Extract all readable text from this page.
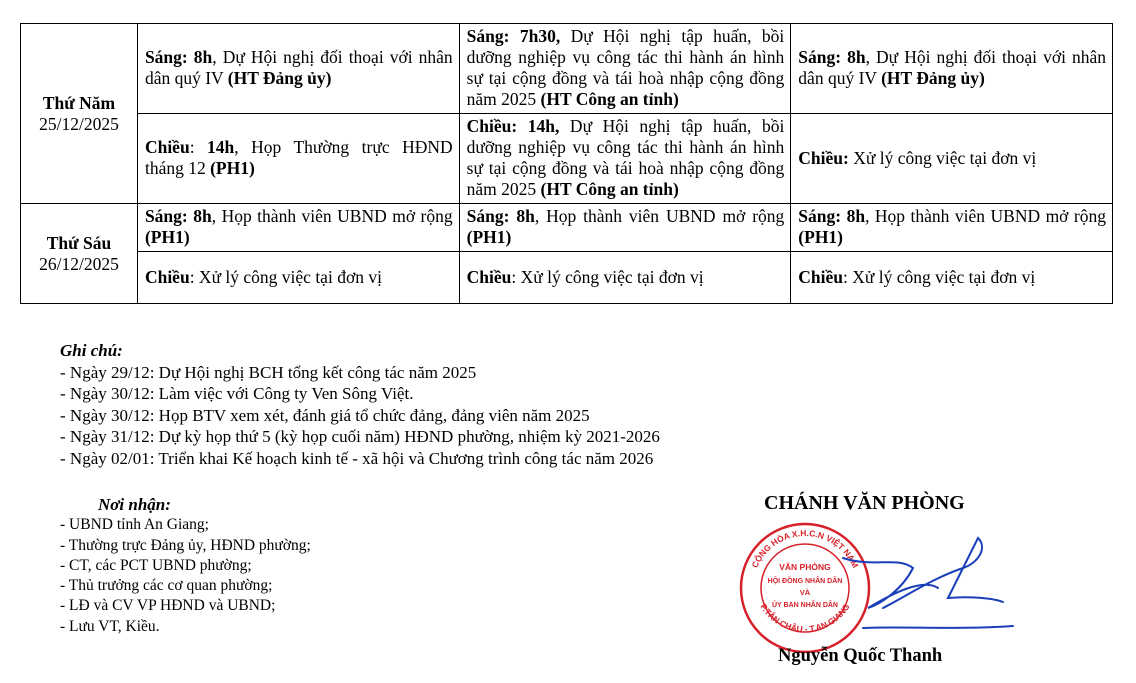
Thứ Năm
25/12/2025	Sáng: 8h, Dự Hội nghị đối thoại với nhân dân quý IV (HT Đảng ủy)	Sáng: 7h30, Dự Hội nghị tập huấn, bồi dưỡng nghiệp vụ công tác thi hành án hình sự tại cộng đồng và tái hoà nhập cộng đồng năm 2025 (HT Công an tỉnh)	Sáng: 8h, Dự Hội nghị đối thoại với nhân dân quý IV (HT Đảng ủy)
	Chiều: 14h, Họp Thường trực HĐND tháng 12 (PH1)	Chiều: 14h, Dự Hội nghị tập huấn, bồi dưỡng nghiệp vụ công tác thi hành án hình sự tại cộng đồng và tái hoà nhập cộng đồng năm 2025 (HT Công an tỉnh)	Chiều: Xử lý công việc tại đơn vị

Thứ Sáu
26/12/2025	Sáng: 8h, Họp thành viên UBND mở rộng (PH1)	Sáng: 8h, Họp thành viên UBND mở rộng (PH1)	Sáng: 8h, Họp thành viên UBND mở rộng (PH1)
	Chiều: Xử lý công việc tại đơn vị	Chiều: Xử lý công việc tại đơn vị	Chiều: Xử lý công việc tại đơn vị
Ghi chú:
- Ngày 29/12: Dự Hội nghị BCH tổng kết công tác năm 2025
- Ngày 30/12: Làm việc với Công ty Ven Sông Việt.
- Ngày 30/12: Họp BTV xem xét, đánh giá tổ chức đảng, đảng viên năm 2025
- Ngày 31/12: Dự kỳ họp thứ 5 (kỳ họp cuối năm) HĐND phường, nhiệm kỳ 2021-2026
- Ngày 02/01: Triển khai Kế hoạch kinh tế - xã hội và Chương trình công tác năm 2026
Nơi nhận:
- UBND tỉnh An Giang;
- Thường trực Đảng ủy, HĐND phường;
- CT, các PCT UBND phường;
- Thủ trưởng các cơ quan phường;
- LĐ và CV VP HĐND và UBND;
- Lưu VT, Kiều.
CHÁNH VĂN PHÒNG
VĂN PHÒNG
HỘI ĐỒNG NHÂN DÂN
VÀ
ỦY BAN NHÂN DÂN
CỘNG HÒA X.H.C.N VIỆT NAM
P.TÂN CHÂU - T.AN GIANG
Nguyễn Quốc Thanh
